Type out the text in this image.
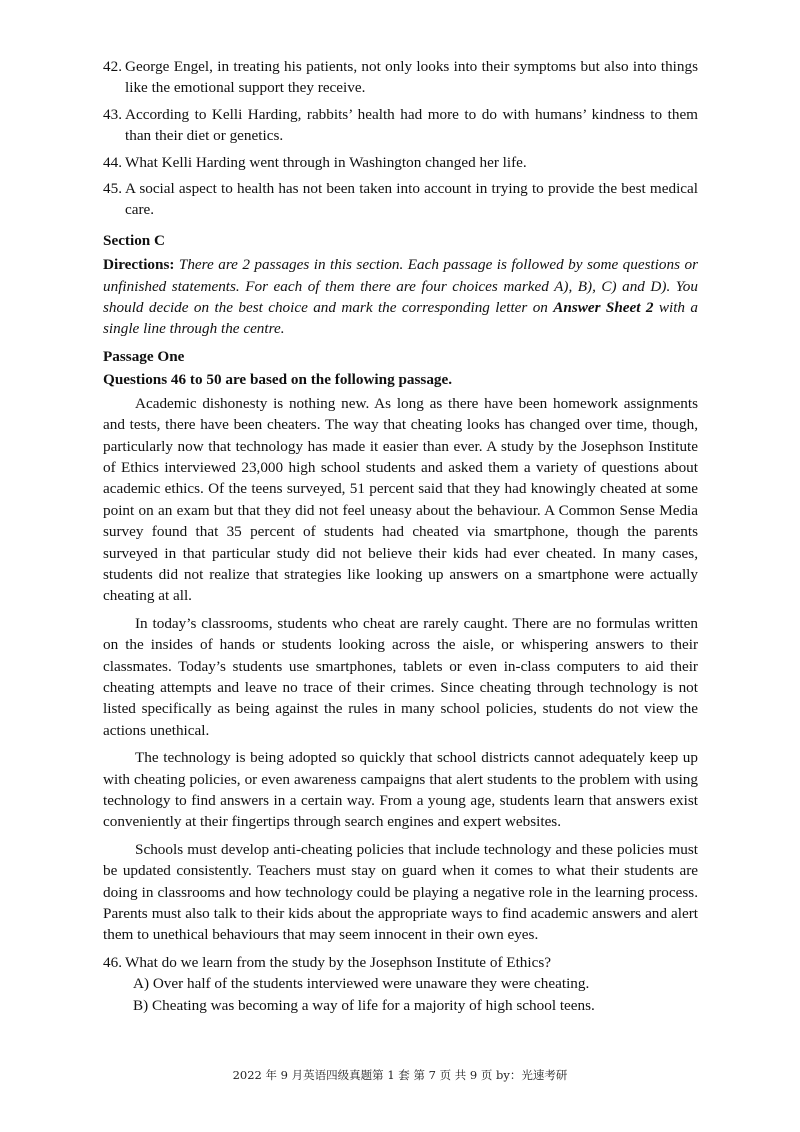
42. George Engel, in treating his patients, not only looks into their symptoms but also into things like the emotional support they receive.
43. According to Kelli Harding, rabbits’ health had more to do with humans’ kindness to them than their diet or genetics.
44. What Kelli Harding went through in Washington changed her life.
45. A social aspect to health has not been taken into account in trying to provide the best medical care.
Section C
Directions: There are 2 passages in this section. Each passage is followed by some questions or unfinished statements. For each of them there are four choices marked A), B), C) and D). You should decide on the best choice and mark the corresponding letter on Answer Sheet 2 with a single line through the centre.
Passage One
Questions 46 to 50 are based on the following passage.

Academic dishonesty is nothing new. As long as there have been homework assignments and tests, there have been cheaters. The way that cheating looks has changed over time, though, particularly now that technology has made it easier than ever. A study by the Josephson Institute of Ethics interviewed 23,000 high school students and asked them a variety of questions about academic ethics. Of the teens surveyed, 51 percent said that they had knowingly cheated at some point on an exam but that they did not feel uneasy about the behaviour. A Common Sense Media survey found that 35 percent of students had cheated via smartphone, though the parents surveyed in that particular study did not believe their kids had ever cheated. In many cases, students did not realize that strategies like looking up answers on a smartphone were actually cheating at all.

In today’s classrooms, students who cheat are rarely caught. There are no formulas written on the insides of hands or students looking across the aisle, or whispering answers to their classmates. Today’s students use smartphones, tablets or even in-class computers to aid their cheating attempts and leave no trace of their crimes. Since cheating through technology is not listed specifically as being against the rules in many school policies, students do not view the actions unethical.

The technology is being adopted so quickly that school districts cannot adequately keep up with cheating policies, or even awareness campaigns that alert students to the problem with using technology to find answers in a certain way. From a young age, students learn that answers exist conveniently at their fingertips through search engines and expert websites.

Schools must develop anti-cheating policies that include technology and these policies must be updated consistently. Teachers must stay on guard when it comes to what their students are doing in classrooms and how technology could be playing a negative role in the learning process. Parents must also talk to their kids about the appropriate ways to find academic answers and alert them to unethical behaviours that may seem innocent in their own eyes.

46. What do we learn from the study by the Josephson Institute of Ethics?
A) Over half of the students interviewed were unaware they were cheating.
B) Cheating was becoming a way of life for a majority of high school teens.
2022 年 9 月英语四级真题第 1 套 第 7 页 共 9 页 by：光速考研
